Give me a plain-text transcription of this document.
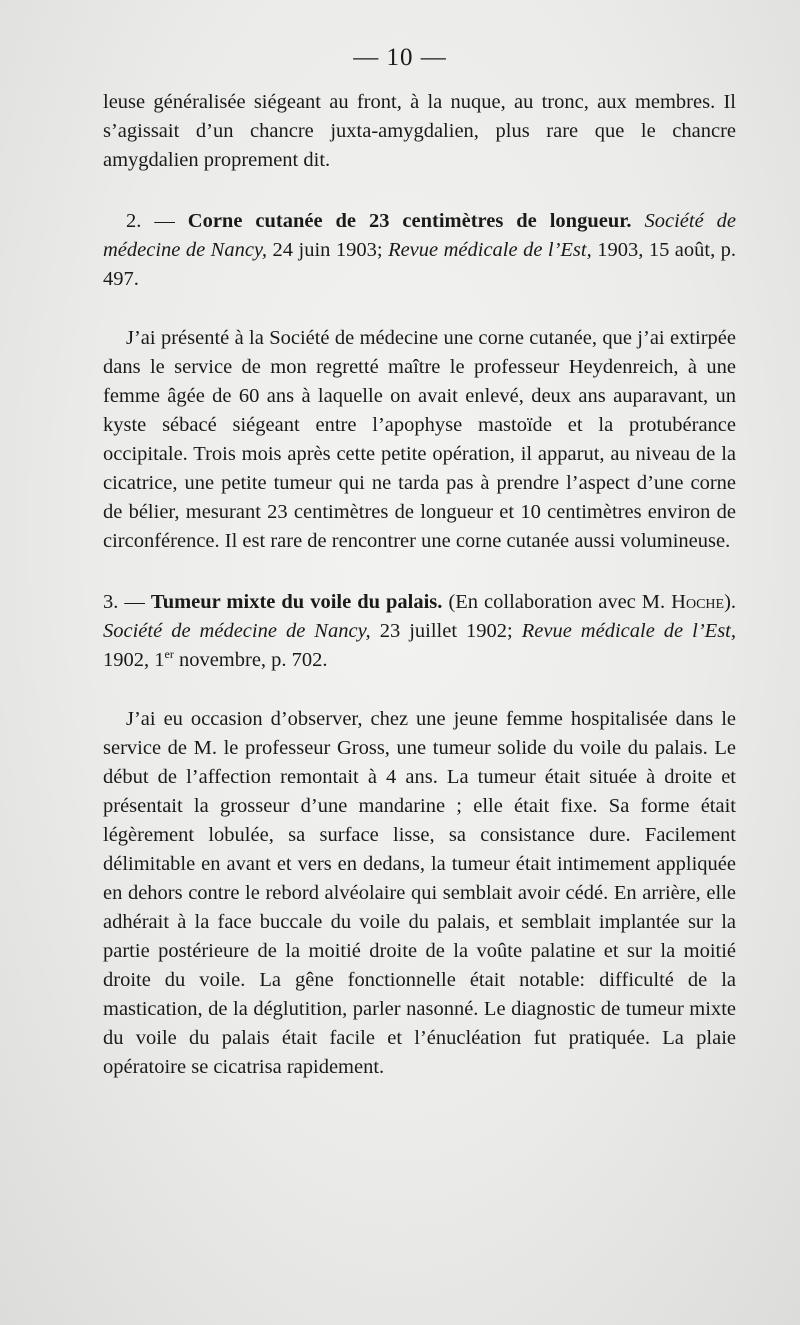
— 10 —

leuse généralisée siégeant au front, à la nuque, au tronc, aux membres. Il s’agissait d’un chancre juxta-amygdalien, plus rare que le chancre amygdalien proprement dit.

2. — Corne cutanée de 23 centimètres de longueur. Société de médecine de Nancy, 24 juin 1903; Revue médicale de l’Est, 1903, 15 août, p. 497.

J’ai présenté à la Société de médecine une corne cutanée, que j’ai extirpée dans le service de mon regretté maître le professeur Heydenreich, à une femme âgée de 60 ans à laquelle on avait enlevé, deux ans auparavant, un kyste sébacé siégeant entre l’apophyse mastoïde et la protubérance occipitale. Trois mois après cette petite opération, il apparut, au niveau de la cicatrice, une petite tumeur qui ne tarda pas à prendre l’aspect d’une corne de bélier, mesurant 23 centimètres de longueur et 10 centimètres environ de circonférence. Il est rare de rencontrer une corne cutanée aussi volumineuse.

3. — Tumeur mixte du voile du palais. (En collaboration avec M. Hoche). Société de médecine de Nancy, 23 juillet 1902; Revue médicale de l’Est, 1902, 1er novembre, p. 702.

J’ai eu occasion d’observer, chez une jeune femme hospitalisée dans le service de M. le professeur Gross, une tumeur solide du voile du palais. Le début de l’affection remontait à 4 ans. La tumeur était située à droite et présentait la grosseur d’une mandarine ; elle était fixe. Sa forme était légèrement lobulée, sa surface lisse, sa consistance dure. Facilement délimitable en avant et vers en dedans, la tumeur était intimement appliquée en dehors contre le rebord alvéolaire qui semblait avoir cédé. En arrière, elle adhérait à la face buccale du voile du palais, et semblait implantée sur la partie postérieure de la moitié droite de la voûte palatine et sur la moitié droite du voile. La gêne fonctionnelle était notable: difficulté de la mastication, de la déglutition, parler nasonné. Le diagnostic de tumeur mixte du voile du palais était facile et l’énucléation fut pratiquée. La plaie opératoire se cicatrisa rapidement.
